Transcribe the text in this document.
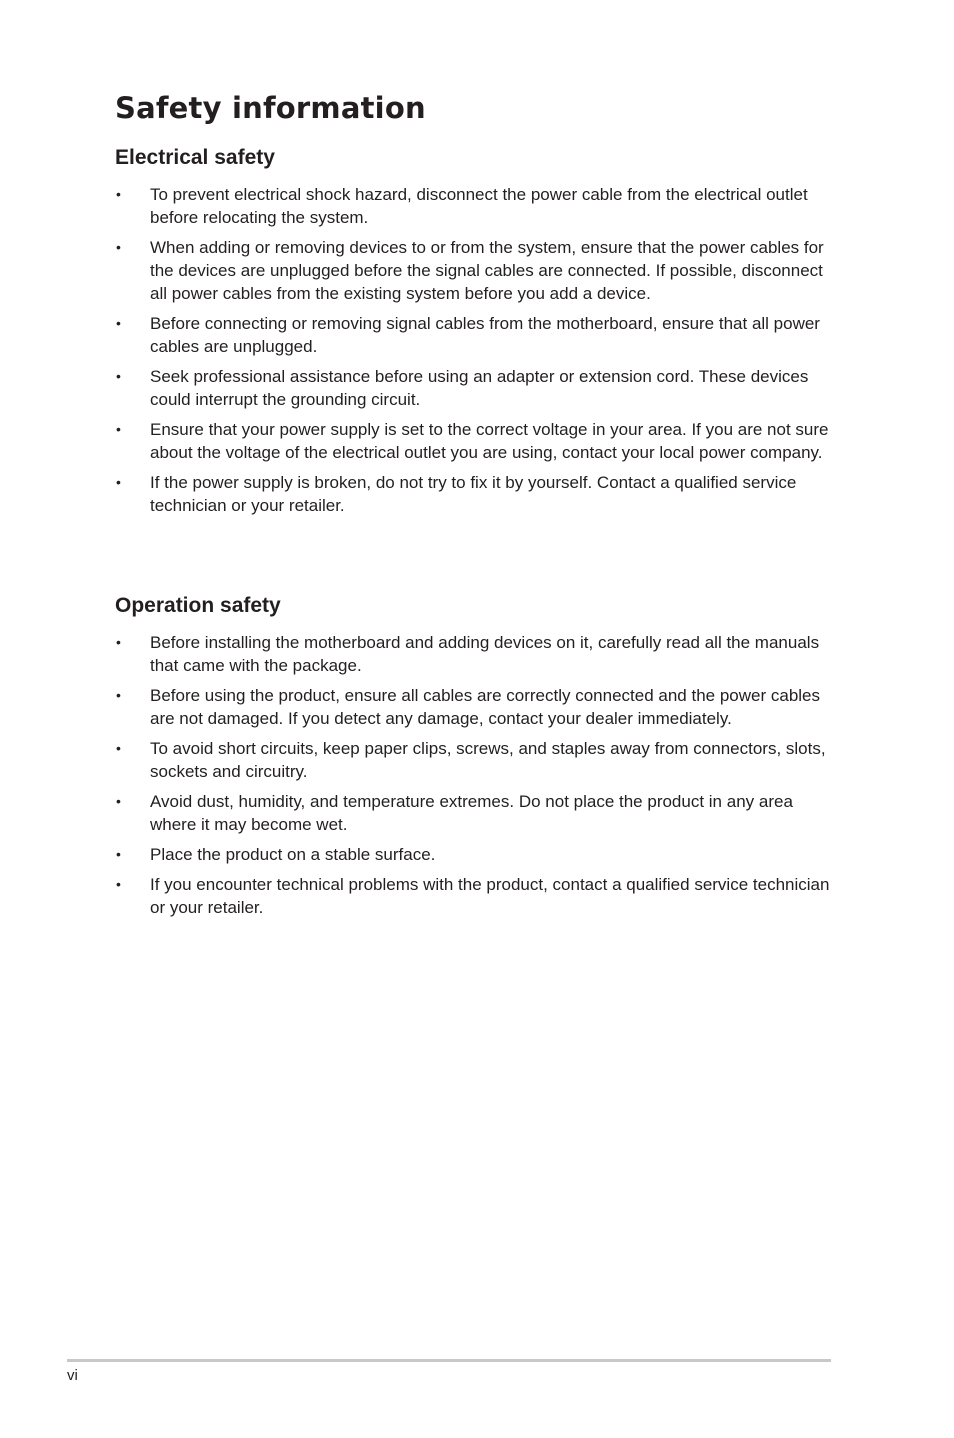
Safety information
Electrical safety
• To prevent electrical shock hazard, disconnect the power cable from the electrical outlet before relocating the system.
• When adding or removing devices to or from the system, ensure that the power cables for the devices are unplugged before the signal cables are connected. If possible, disconnect all power cables from the existing system before you add a device.
• Before connecting or removing signal cables from the motherboard, ensure that all power cables are unplugged.
• Seek professional assistance before using an adapter or extension cord. These devices could interrupt the grounding circuit.
• Ensure that your power supply is set to the correct voltage in your area. If you are not sure about the voltage of the electrical outlet you are using, contact your local power company.
• If the power supply is broken, do not try to fix it by yourself. Contact a qualified service technician or your retailer.
Operation safety
• Before installing the motherboard and adding devices on it, carefully read all the manuals that came with the package.
• Before using the product, ensure all cables are correctly connected and the power cables are not damaged. If you detect any damage, contact your dealer immediately.
• To avoid short circuits, keep paper clips, screws, and staples away from connectors, slots, sockets and circuitry.
• Avoid dust, humidity, and temperature extremes. Do not place the product in any area where it may become wet.
• Place the product on a stable surface.
• If you encounter technical problems with the product, contact a qualified service technician or your retailer.
vi
